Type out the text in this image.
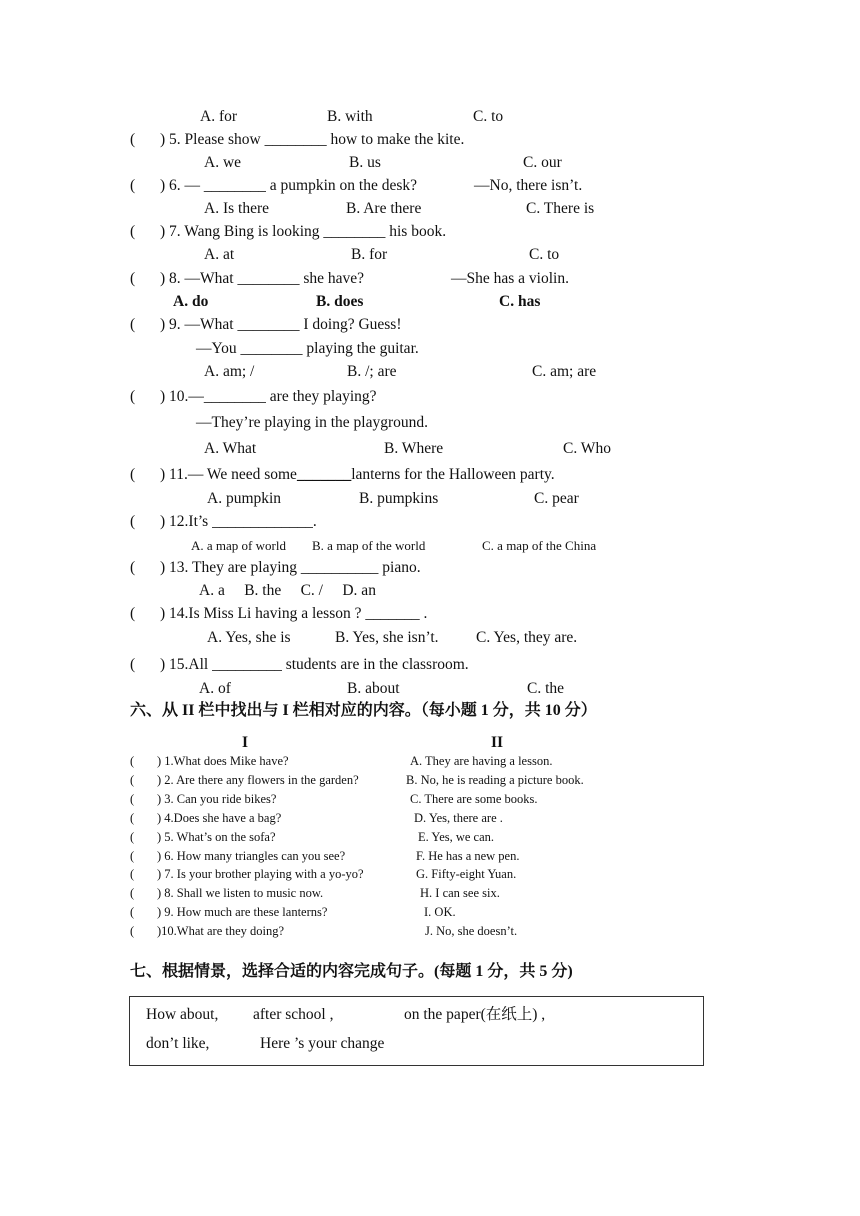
A. for	B. with	C. to
( ) 5. Please show ________ how to make the kite.
A. we	B. us	C. our
( ) 6. — ________ a pumpkin on the desk?	—No, there isn’t.
A. Is there	B. Are there	C. There is
( ) 7. Wang Bing is looking ________ his book.
A. at	B. for	C. to
( ) 8. —What ________ she have?	—She has a violin.
A. do	B. does	C. has
( ) 9. —What ________ I doing? Guess!
—You ________ playing the guitar.
A. am; /	B. /; are	C. am; are
( ) 10.—________ are they playing?
—They’re playing in the playground.
A. What	B. Where	C. Who
( ) 11.— We need some_______lanterns for the Halloween party.
A. pumpkin	B. pumpkins	C. pear
( ) 12.It’s _____________.
A. a map of world B. a map of the world	C. a map of the China
( ) 13. They are playing __________ piano.
A. a     B. the     C. /     D. an
( ) 14.Is Miss Li having a lesson ? _______ .
A. Yes, she is	B. Yes, she isn’t. C. Yes, they are.
( ) 15.All _________ students are in the classroom.
A. of	B. about	C. the
六、从 II 栏中找出与 I 栏相对应的内容。（每小题 1 分，共 10 分）
I	II
( ) 1.What does Mike have?	A. They are having a lesson.
( ) 2. Are there any flowers in the garden?	B. No, he is reading a picture book.
( ) 3. Can you ride bikes?	C. There are some books.
( ) 4.Does she have a bag?	D. Yes, there are .
( ) 5. What’s on the sofa?	E. Yes, we can.
( ) 6. How many triangles can you see?	F. He has a new pen.
( ) 7. Is your brother playing with a yo-yo?	G. Fifty-eight Yuan.
( ) 8. Shall we listen to music now.	H. I can see six.
( ) 9. How much are these lanterns?	I. OK.
( )10.What are they doing?	J. No, she doesn’t.
七、根据情景，选择合适的内容完成句子。(每题 1 分，共 5 分)
How about, after school ,	on the paper(在纸上) ,
don’t like,	Here ’s your change
